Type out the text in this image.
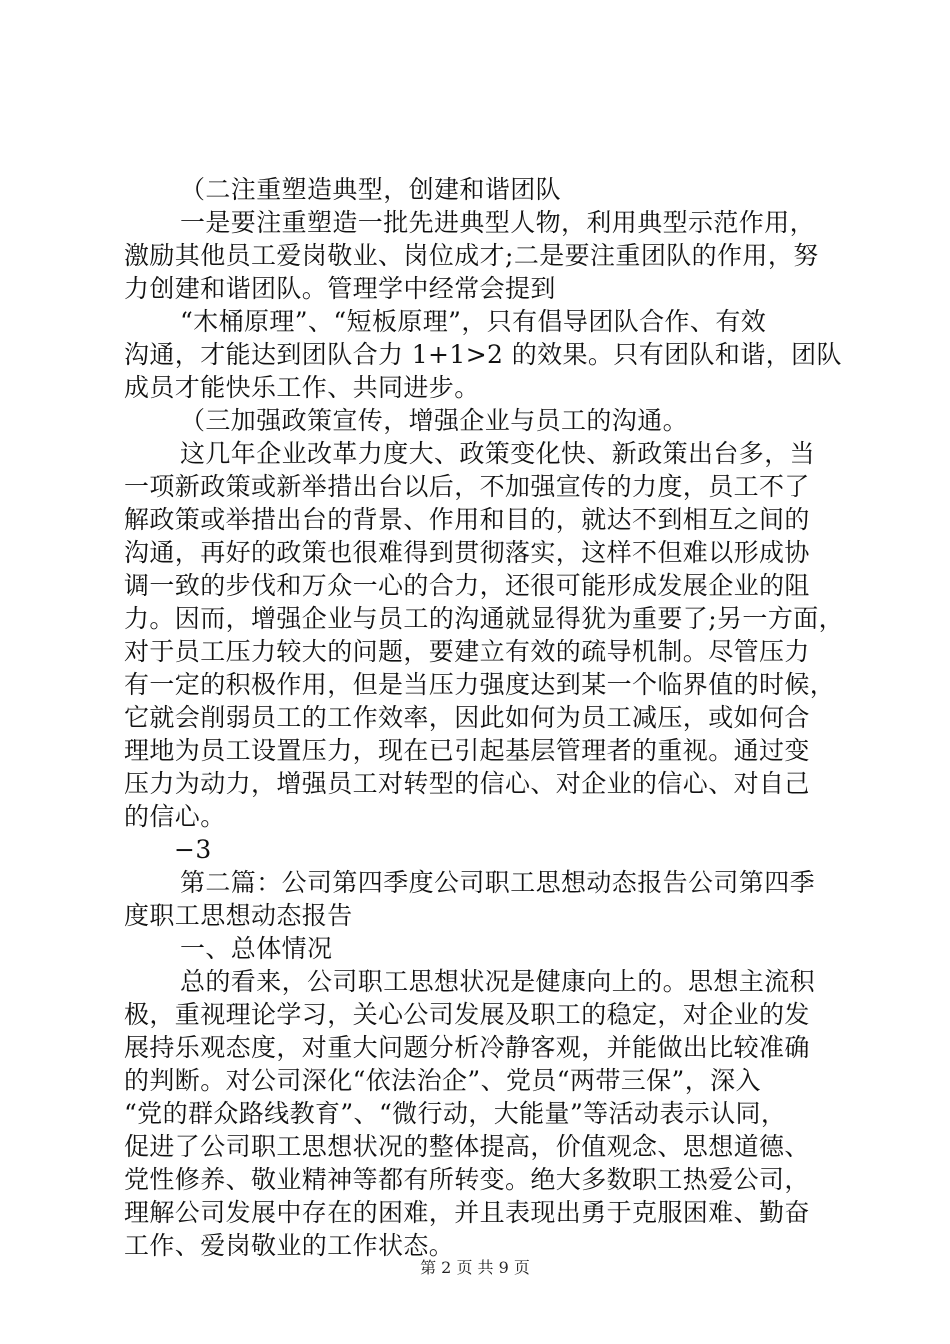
（二注重塑造典型，创建和谐团队
一是要注重塑造一批先进典型人物，利用典型示范作用，
激励其他员工爱岗敬业、岗位成才;二是要注重团队的作用，努
力创建和谐团队。管理学中经常会提到
“木桶原理”、“短板原理”，只有倡导团队合作、有效
沟通，才能达到团队合力 1+1>2 的效果。只有团队和谐，团队
成员才能快乐工作、共同进步。
（三加强政策宣传，增强企业与员工的沟通。
这几年企业改革力度大、政策变化快、新政策出台多，当
一项新政策或新举措出台以后，不加强宣传的力度，员工不了
解政策或举措出台的背景、作用和目的，就达不到相互之间的
沟通，再好的政策也很难得到贯彻落实，这样不但难以形成协
调一致的步伐和万众一心的合力，还很可能形成发展企业的阻
力。因而，增强企业与员工的沟通就显得犹为重要了;另一方面，
对于员工压力较大的问题，要建立有效的疏导机制。尽管压力
有一定的积极作用，但是当压力强度达到某一个临界值的时候，
它就会削弱员工的工作效率，因此如何为员工减压，或如何合
理地为员工设置压力，现在已引起基层管理者的重视。通过变
压力为动力，增强员工对转型的信心、对企业的信心、对自己
的信心。
−3
第二篇：公司第四季度公司职工思想动态报告公司第四季
度职工思想动态报告
一、总体情况
总的看来，公司职工思想状况是健康向上的。思想主流积
极，重视理论学习，关心公司发展及职工的稳定，对企业的发
展持乐观态度，对重大问题分析冷静客观，并能做出比较准确
的判断。对公司深化“依法治企”、党员“两带三保”，深入
“党的群众路线教育”、“微行动，大能量”等活动表示认同，
促进了公司职工思想状况的整体提高，价值观念、思想道德、
党性修养、敬业精神等都有所转变。绝大多数职工热爱公司，
理解公司发展中存在的困难，并且表现出勇于克服困难、勤奋
工作、爱岗敬业的工作状态。
第 2 页 共 9 页
